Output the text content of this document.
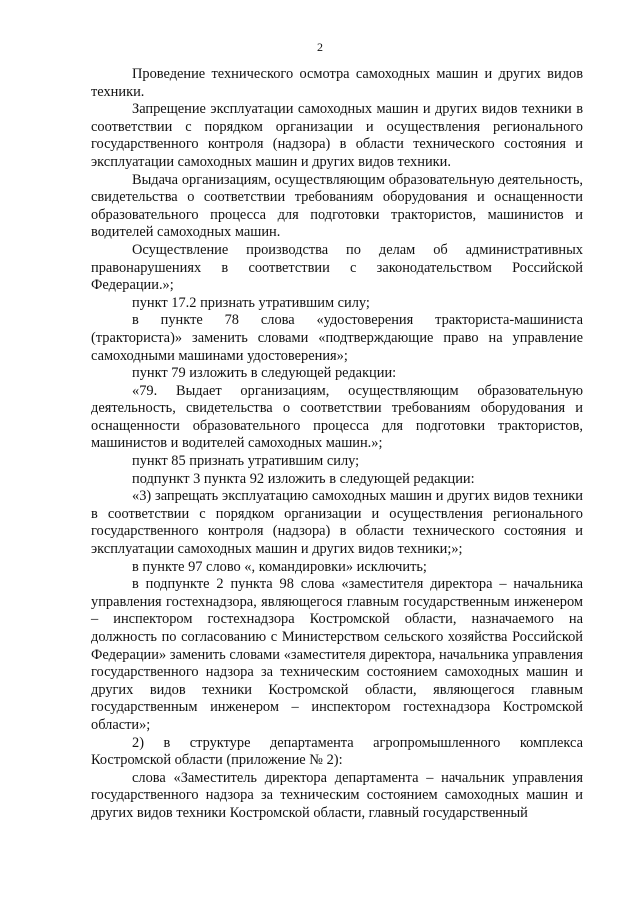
2

Проведение технического осмотра самоходных машин и других видов техники.

Запрещение эксплуатации самоходных машин и других видов техники в соответствии с порядком организации и осуществления регионального государственного контроля (надзора) в области технического состояния и эксплуатации самоходных машин и других видов техники.

Выдача организациям, осуществляющим образовательную деятельность, свидетельства о соответствии требованиям оборудования и оснащенности образовательного процесса для подготовки трактористов, машинистов и водителей самоходных машин.

Осуществление производства по делам об административных правонарушениях в соответствии с законодательством Российской Федерации.»;

пункт 17.2 признать утратившим силу;

в пункте 78 слова «удостоверения тракториста-машиниста (тракториста)» заменить словами «подтверждающие право на управление самоходными машинами удостоверения»;

пункт 79 изложить в следующей редакции:

«79. Выдает организациям, осуществляющим образовательную деятельность, свидетельства о соответствии требованиям оборудования и оснащенности образовательного процесса для подготовки трактористов, машинистов и водителей самоходных машин.»;

пункт 85 признать утратившим силу;

подпункт 3 пункта 92 изложить в следующей редакции:

«3) запрещать эксплуатацию самоходных машин и других видов техники в соответствии с порядком организации и осуществления регионального государственного контроля (надзора) в области технического состояния и эксплуатации самоходных машин и других видов техники;»;

в пункте 97 слово «, командировки» исключить;

в подпункте 2 пункта 98 слова «заместителя директора – начальника управления гостехнадзора, являющегося главным государственным инженером – инспектором гостехнадзора Костромской области, назначаемого на должность по согласованию с Министерством сельского хозяйства Российской Федерации» заменить словами «заместителя директора, начальника управления государственного надзора за техническим состоянием самоходных машин и других видов техники Костромской области, являющегося главным государственным инженером – инспектором гостехнадзора Костромской области»;

2) в структуре департамента агропромышленного комплекса Костромской области (приложение № 2):

слова «Заместитель директора департамента – начальник управления государственного надзора за техническим состоянием самоходных машин и других видов техники Костромской области, главный государственный
